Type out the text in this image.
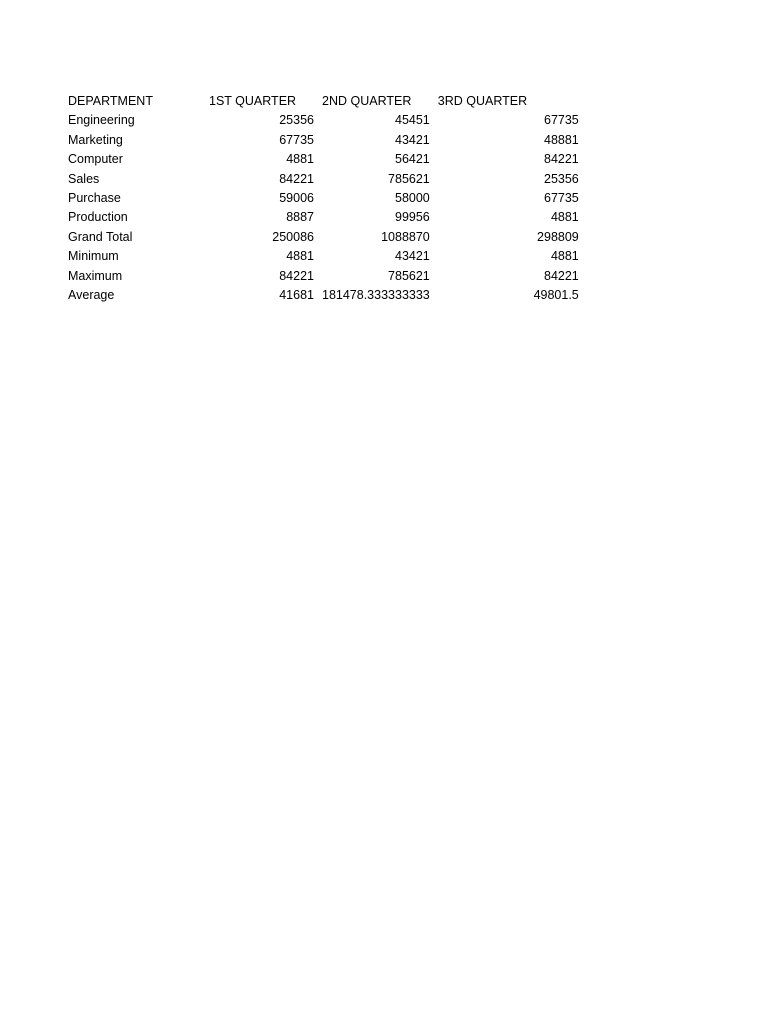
DEPARTMENT	1ST QUARTER	2ND QUARTER	3RD QUARTER
Engineering	25356	45451	67735
Marketing	67735	43421	48881
Computer	4881	56421	84221
Sales	84221	785621	25356
Purchase	59006	58000	67735
Production	8887	99956	4881
Grand Total	250086	1088870	298809
Minimum	4881	43421	4881
Maximum	84221	785621	84221
Average	41681	181478.333333333	49801.5
